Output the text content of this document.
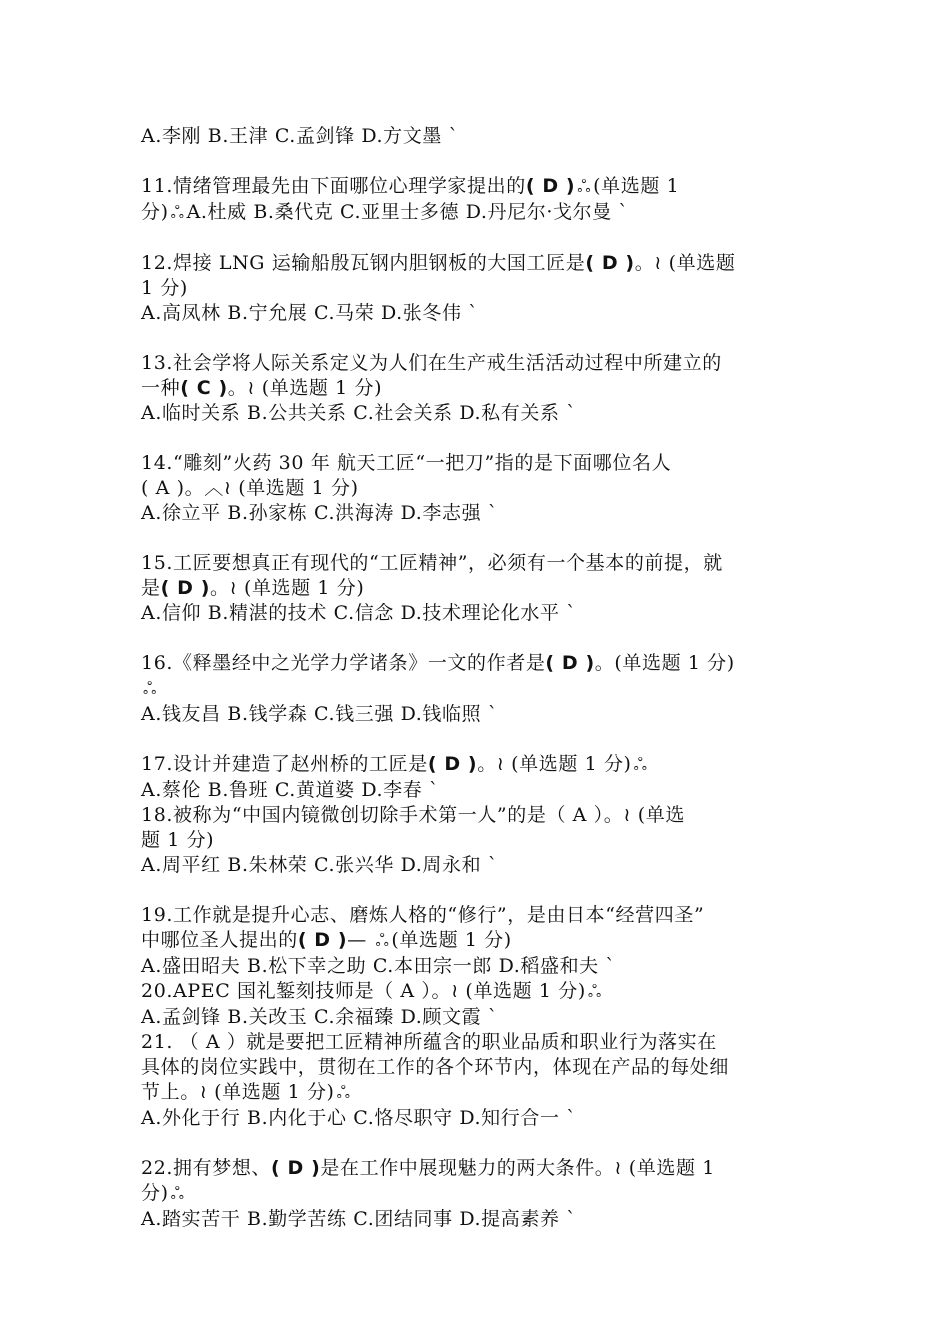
A.李刚 B.王津 C.孟剑锋 D.方文墨 ˋ
11.情绪管理最先由下面哪位心理学家提出的( D ) ஃ (单选题 1
分) ஃ A.杜威 B.桑代克 C.亚里士多德 D.丹尼尔·戈尔曼 ˋ
12.焊接 LNG 运输船殷瓦钢内胆钢板的大国工匠是( D )。≀ (单选题
1 分)
A.高凤林 B.宁允展 C.马荣 D.张冬伟 ˋ
13.社会学将人际关系定义为人们在生产戒生活活动过程中所建立的
一种( C )。≀ (单选题 1 分)
A.临时关系 B.公共关系 C.社会关系 D.私有关系 ˋ
14.“雕刻”火药 30 年 航天工匠“一把刀”指的是下面哪位名人
( A )。︿≀ (单选题 1 分)
A.徐立平 B.孙家栋 C.洪海涛 D.李志强 ˋ
15.工匠要想真正有现代的“工匠精神”，必须有一个基本的前提，就
是( D )。≀ (单选题 1 分)
A.信仰 B.精湛的技术 C.信念 D.技术理论化水平 ˋ
16.《释墨经中之光学力学诸条》一文的作者是( D )。(单选题 1 分)
ஃ
A.钱友昌 B.钱学森 C.钱三强 D.钱临照 ˋ
17.设计并建造了赵州桥的工匠是( D )。≀ (单选题 1 分) ஃ
A.蔡伦 B.鲁班 C.黄道婆 D.李春 ˋ
18.被称为“中国内镜微创切除手术第一人”的是（ A ）。≀ (单选
题 1 分)
A.周平红 B.朱林荣 C.张兴华 D.周永和 ˋ
19.工作就是提升心志、磨炼人格的“修行”，是由日本“经营四圣”
中哪位圣人提出的( D )— ஃ (单选题 1 分)
A.盛田昭夫 B.松下幸之助 C.本田宗一郎 D.稻盛和夫 ˋ
20.APEC 国礼錾刻技师是（ A ）。≀ (单选题 1 分) ஃ
A.孟剑锋 B.关改玉 C.余福臻 D.顾文霞 ˋ
21. （ A ）就是要把工匠精神所蕴含的职业品质和职业行为落实在
具体的岗位实践中，贯彻在工作的各个环节内，体现在产品的每处细
节上。≀ (单选题 1 分) ஃ
A.外化于行 B.内化于心 C.恪尽职守 D.知行合一 ˋ
22.拥有梦想、( D )是在工作中展现魅力的两大条件。≀ (单选题 1
分) ஃ
A.踏实苦干 B.勤学苦练 C.团结同事 D.提高素养 ˋ
